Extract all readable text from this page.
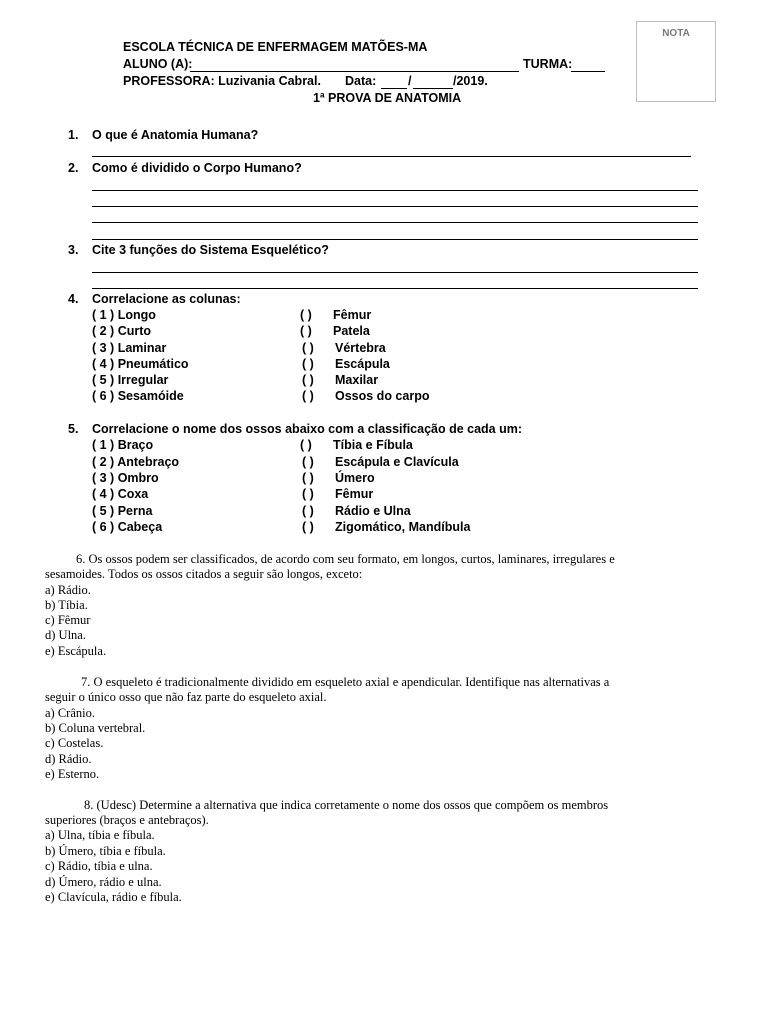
NOTA
ESCOLA TÉCNICA DE ENFERMAGEM MATÕES-MA
ALUNO (A):	TURMA:
PROFESSORA: Luzivania Cabral. Data:	/	/2019.
1ª PROVA DE ANATOMIA
1. O que é Anatomia Humana?
2. Como é dividido o Corpo Humano?
3. Cite 3 funções do Sistema Esquelético?
4. Correlacione as colunas:
( 1 ) Longo	( ) Fêmur
( 2 ) Curto	( ) Patela
( 3 ) Laminar	( ) Vértebra
( 4 ) Pneumático	( ) Escápula
( 5 ) Irregular	( ) Maxilar
( 6 ) Sesamóide	( ) Ossos do carpo
5. Correlacione o nome dos ossos abaixo com a classificação de cada um:
( 1 ) Braço	( ) Tíbia e Fíbula
( 2 ) Antebraço	( ) Escápula e Clavícula
( 3 ) Ombro	( ) Úmero
( 4 ) Coxa	( ) Fêmur
( 5 ) Perna	( ) Rádio e Ulna
( 6 ) Cabeça	( ) Zigomático, Mandíbula
6. Os ossos podem ser classificados, de acordo com seu formato, em longos, curtos, laminares, irregulares e
sesamoides. Todos os ossos citados a seguir são longos, exceto:
a) Rádio.
b) Tíbia.
c) Fêmur
d) Ulna.
e) Escápula.
7. O esqueleto é tradicionalmente dividido em esqueleto axial e apendicular. Identifique nas alternativas a
seguir o único osso que não faz parte do esqueleto axial.
a) Crânio.
b) Coluna vertebral.
c) Costelas.
d) Rádio.
e) Esterno.
8. (Udesc) Determine a alternativa que indica corretamente o nome dos ossos que compõem os membros
superiores (braços e antebraços).
a) Ulna, tíbia e fíbula.
b) Úmero, tíbia e fíbula.
c) Rádio, tíbia e ulna.
d) Úmero, rádio e ulna.
e) Clavícula, rádio e fíbula.
